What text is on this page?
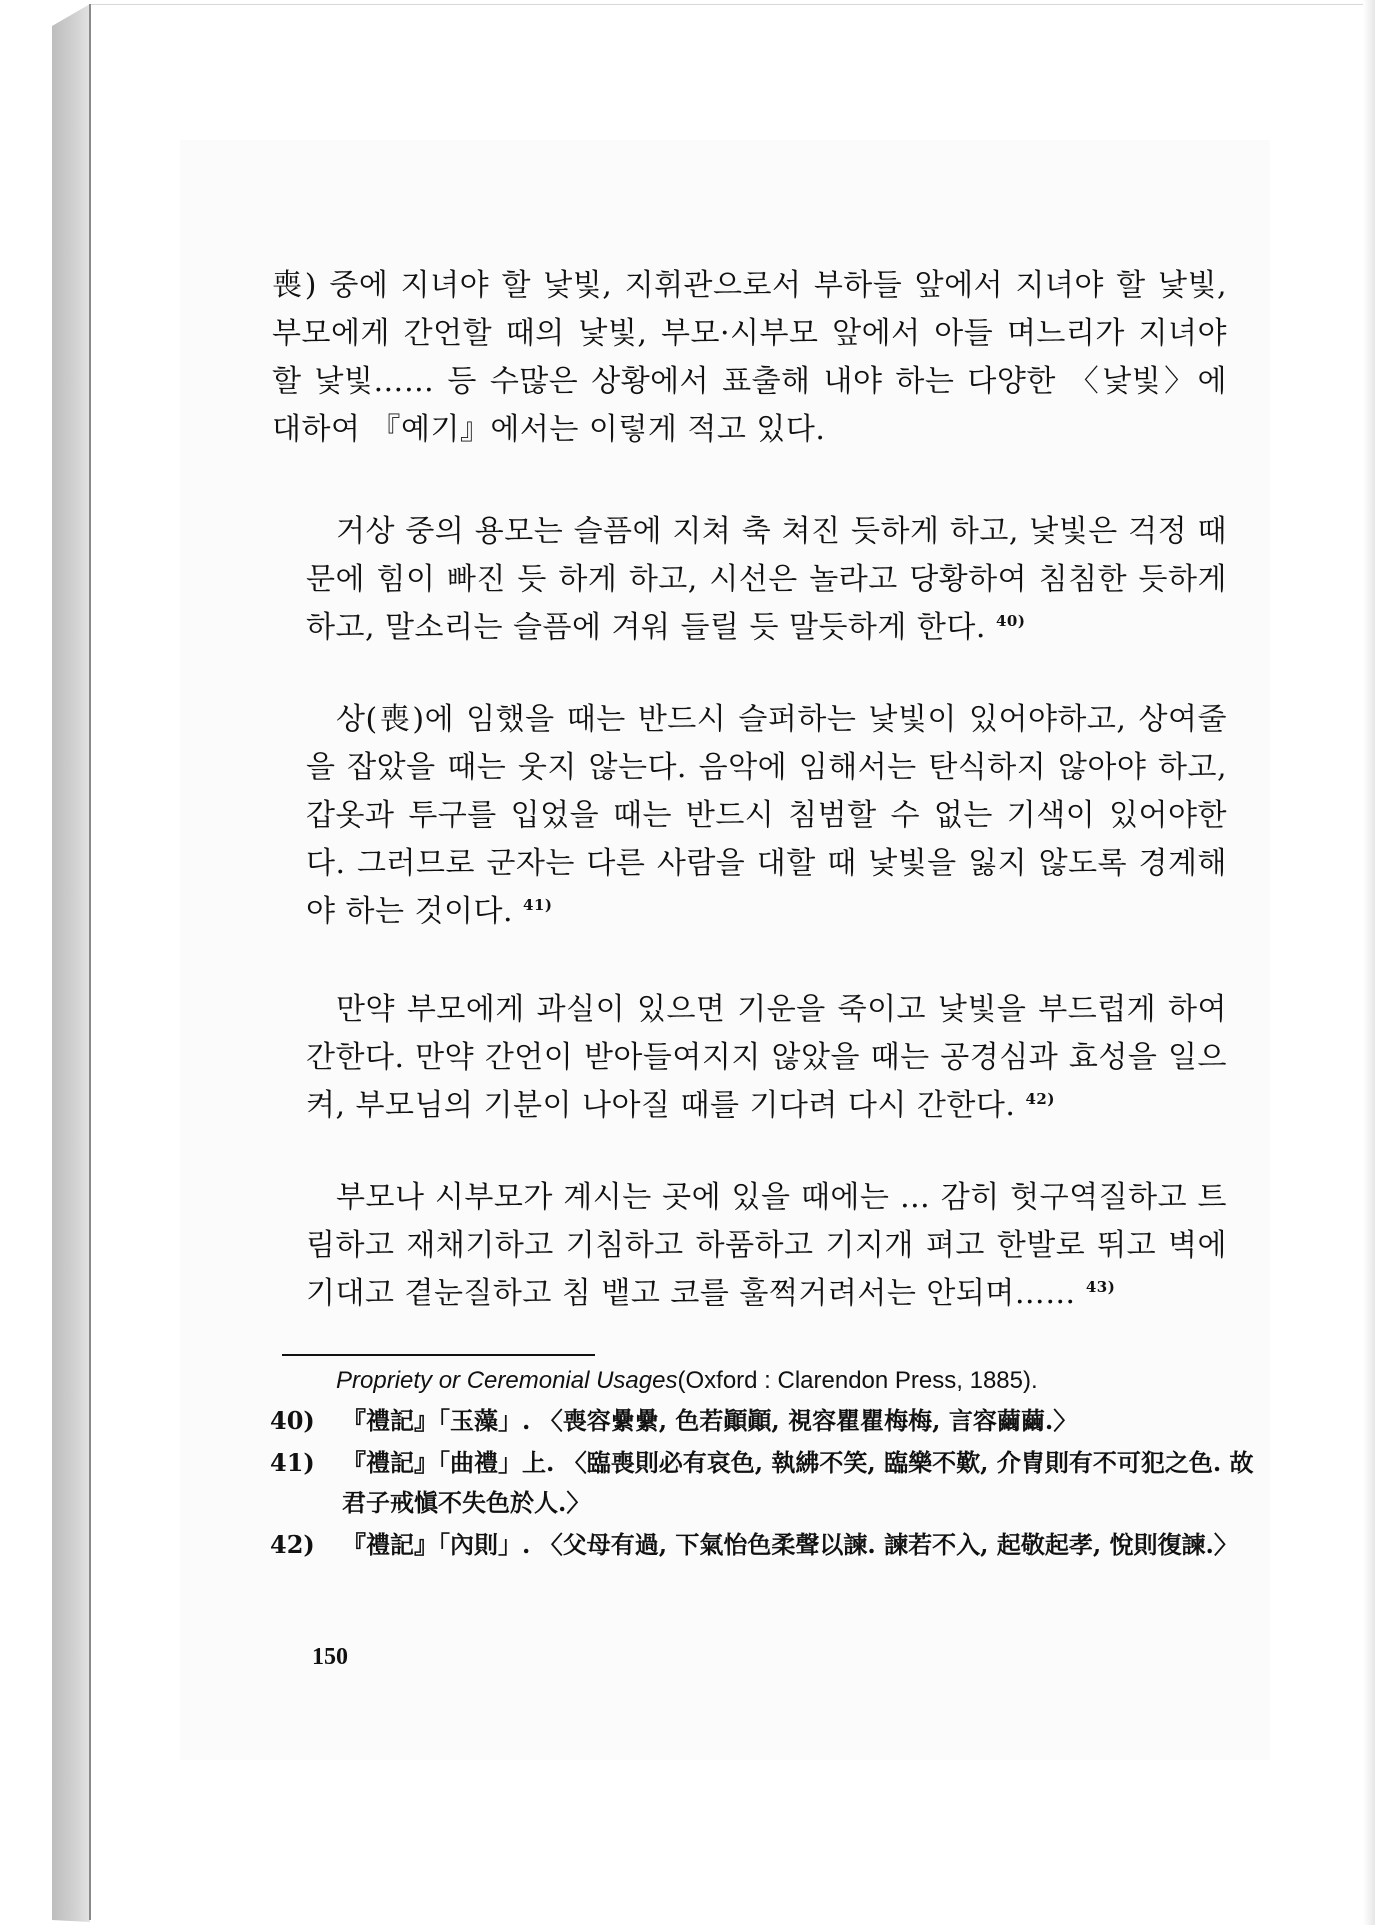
喪) 중에 지녀야 할 낯빛, 지휘관으로서 부하들 앞에서 지녀야 할 낯빛, 부모에게 간언할 때의 낯빛, 부모·시부모 앞에서 아들 며느리가 지녀야할 낯빛…… 등 수많은 상황에서 표출해 내야 하는 다양한 〈낯빛〉에 대하여 『예기』에서는 이렇게 적고 있다.
거상 중의 용모는 슬픔에 지쳐 축 쳐진 듯하게 하고, 낯빛은 걱정 때문에 힘이 빠진 듯 하게 하고, 시선은 놀라고 당황하여 침침한 듯하게 하고, 말소리는 슬픔에 겨워 들릴 듯 말듯하게 한다. $^{40)}$
상(喪)에 임했을 때는 반드시 슬퍼하는 낯빛이 있어야하고, 상여줄을 잡았을 때는 웃지 않는다. 음악에 임해서는 탄식하지 않아야 하고, 갑옷과 투구를 입었을 때는 반드시 침범할 수 없는 기색이 있어야한다. 그러므로 군자는 다른 사람을 대할 때 낯빛을 잃지 않도록 경계해야 하는 것이다. $^{41)}$
만약 부모에게 과실이 있으면 기운을 죽이고 낯빛을 부드럽게 하여 간한다. 만약 간언이 받아들여지지 않았을 때는 공경심과 효성을 일으켜, 부모님의 기분이 나아질 때를 기다려 다시 간한다. $^{42)}$
부모나 시부모가 계시는 곳에 있을 때에는 … 감히 헛구역질하고 트림하고 재채기하고 기침하고 하품하고 기지개 펴고 한발로 뛰고 벽에 기대고 곁눈질하고 침 뱉고 코를 훌쩍거려서는 안되며…… $^{43)}$
Propriety or Ceremonial Usages(Oxford : Clarendon Press, 1885).
40) 『禮記』「玉藻」. 〈喪容纍纍, 色若顚顚, 視容瞿瞿梅梅, 言容繭繭.〉
41) 『禮記』「曲禮」上. 〈臨喪則必有哀色, 執紼不笑, 臨樂不歎, 介冑則有不可犯之色. 故君子戒愼不失色於人.〉
42) 『禮記』「內則」. 〈父母有過, 下氣怡色柔聲以諫. 諫若不入, 起敬起孝, 悅則復諫.〉
150
